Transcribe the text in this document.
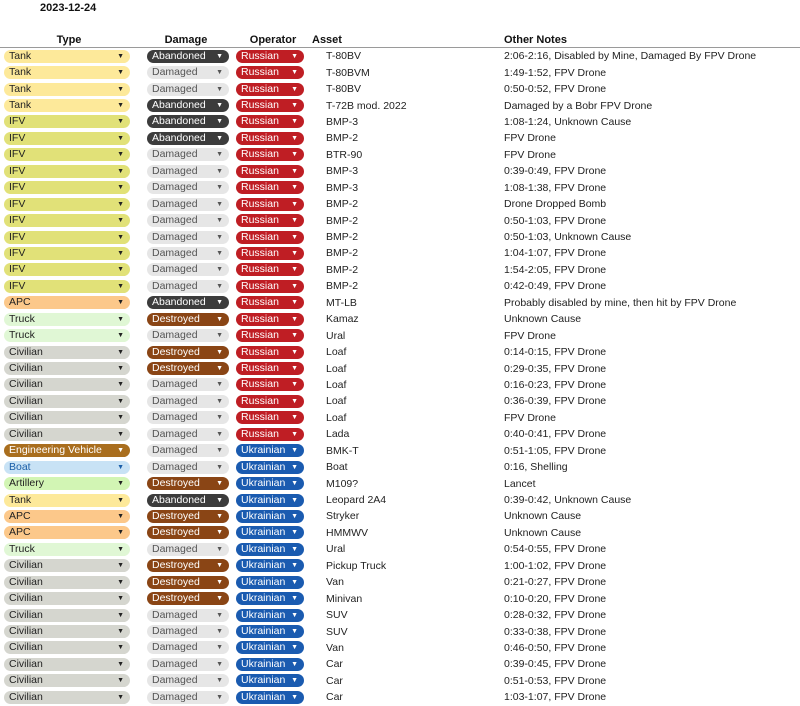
2023-12-24
Type	Damage	Operator	Asset	Other Notes

Tank ▼	Abandoned ▼	Russian ▼	T-80BV	2:06-2:16, Disabled by Mine, Damaged By FPV Drone

Tank ▼	Damaged ▼	Russian ▼	T-80BVM	1:49-1:52, FPV Drone

Tank ▼	Damaged ▼	Russian ▼	T-80BV	0:50-0:52, FPV Drone

Tank ▼	Abandoned ▼	Russian ▼	T-72B mod. 2022	Damaged by a Bobr FPV Drone

IFV ▼	Abandoned ▼	Russian ▼	BMP-3	1:08-1:24, Unknown Cause

IFV ▼	Abandoned ▼	Russian ▼	BMP-2	FPV Drone

IFV ▼	Damaged ▼	Russian ▼	BTR-90	FPV Drone

IFV ▼	Damaged ▼	Russian ▼	BMP-3	0:39-0:49, FPV Drone

IFV ▼	Damaged ▼	Russian ▼	BMP-3	1:08-1:38, FPV Drone

IFV ▼	Damaged ▼	Russian ▼	BMP-2	Drone Dropped Bomb

IFV ▼	Damaged ▼	Russian ▼	BMP-2	0:50-1:03, FPV Drone

IFV ▼	Damaged ▼	Russian ▼	BMP-2	0:50-1:03, Unknown Cause

IFV ▼	Damaged ▼	Russian ▼	BMP-2	1:04-1:07, FPV Drone

IFV ▼	Damaged ▼	Russian ▼	BMP-2	1:54-2:05, FPV Drone

IFV ▼	Damaged ▼	Russian ▼	BMP-2	0:42-0:49, FPV Drone

APC ▼	Abandoned ▼	Russian ▼	MT-LB	Probably disabled by mine, then hit by FPV Drone

Truck ▼	Destroyed ▼	Russian ▼	Kamaz	Unknown Cause

Truck ▼	Damaged ▼	Russian ▼	Ural	FPV Drone

Civilian ▼	Destroyed ▼	Russian ▼	Loaf	0:14-0:15, FPV Drone

Civilian ▼	Destroyed ▼	Russian ▼	Loaf	0:29-0:35, FPV Drone

Civilian ▼	Damaged ▼	Russian ▼	Loaf	0:16-0:23, FPV Drone

Civilian ▼	Damaged ▼	Russian ▼	Loaf	0:36-0:39, FPV Drone

Civilian ▼	Damaged ▼	Russian ▼	Loaf	FPV Drone

Civilian ▼	Damaged ▼	Russian ▼	Lada	0:40-0:41, FPV Drone

Engineering Vehicle ▼	Damaged ▼	Ukrainian ▼	BMK-T	0:51-1:05, FPV Drone

Boat ▼	Damaged ▼	Ukrainian ▼	Boat	0:16, Shelling

Artillery ▼	Destroyed ▼	Ukrainian ▼	M109?	Lancet

Tank ▼	Abandoned ▼	Ukrainian ▼	Leopard 2A4	0:39-0:42, Unknown Cause

APC ▼	Destroyed ▼	Ukrainian ▼	Stryker	Unknown Cause

APC ▼	Destroyed ▼	Ukrainian ▼	HMMWV	Unknown Cause

Truck ▼	Damaged ▼	Ukrainian ▼	Ural	0:54-0:55, FPV Drone

Civilian ▼	Destroyed ▼	Ukrainian ▼	Pickup Truck	1:00-1:02, FPV Drone

Civilian ▼	Destroyed ▼	Ukrainian ▼	Van	0:21-0:27, FPV Drone

Civilian ▼	Destroyed ▼	Ukrainian ▼	Minivan	0:10-0:20, FPV Drone

Civilian ▼	Damaged ▼	Ukrainian ▼	SUV	0:28-0:32, FPV Drone

Civilian ▼	Damaged ▼	Ukrainian ▼	SUV	0:33-0:38, FPV Drone

Civilian ▼	Damaged ▼	Ukrainian ▼	Van	0:46-0:50, FPV Drone

Civilian ▼	Damaged ▼	Ukrainian ▼	Car	0:39-0:45, FPV Drone

Civilian ▼	Damaged ▼	Ukrainian ▼	Car	0:51-0:53, FPV Drone

Civilian ▼	Damaged ▼	Ukrainian ▼	Car	1:03-1:07, FPV Drone
